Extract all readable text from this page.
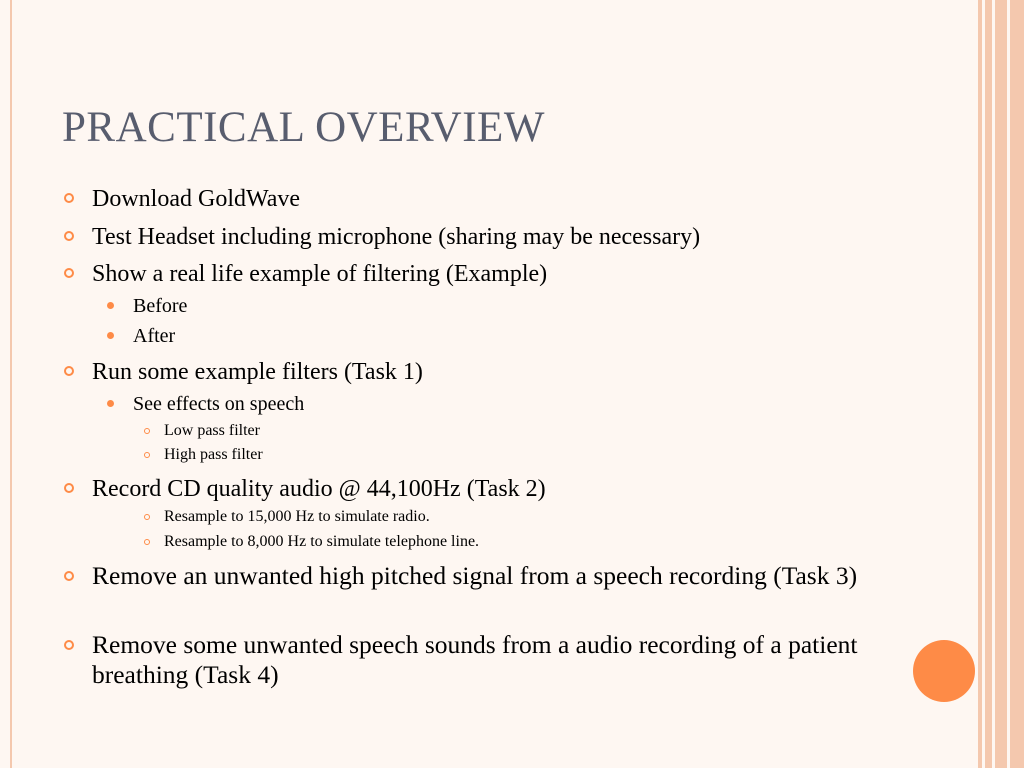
PRACTICAL OVERVIEW
Download GoldWave
Test Headset including microphone (sharing may be necessary)
Show a real life example of filtering (Example)
Before
After
Run some example filters (Task 1)
See effects on speech
Low pass filter
High pass filter
Record CD quality audio @ 44,100Hz (Task 2)
Resample to 15,000 Hz to simulate radio.
Resample to 8,000 Hz to simulate telephone line.
Remove an unwanted high pitched signal from a speech recording (Task 3)
Remove some unwanted speech sounds from a audio recording of a patient breathing (Task 4)
